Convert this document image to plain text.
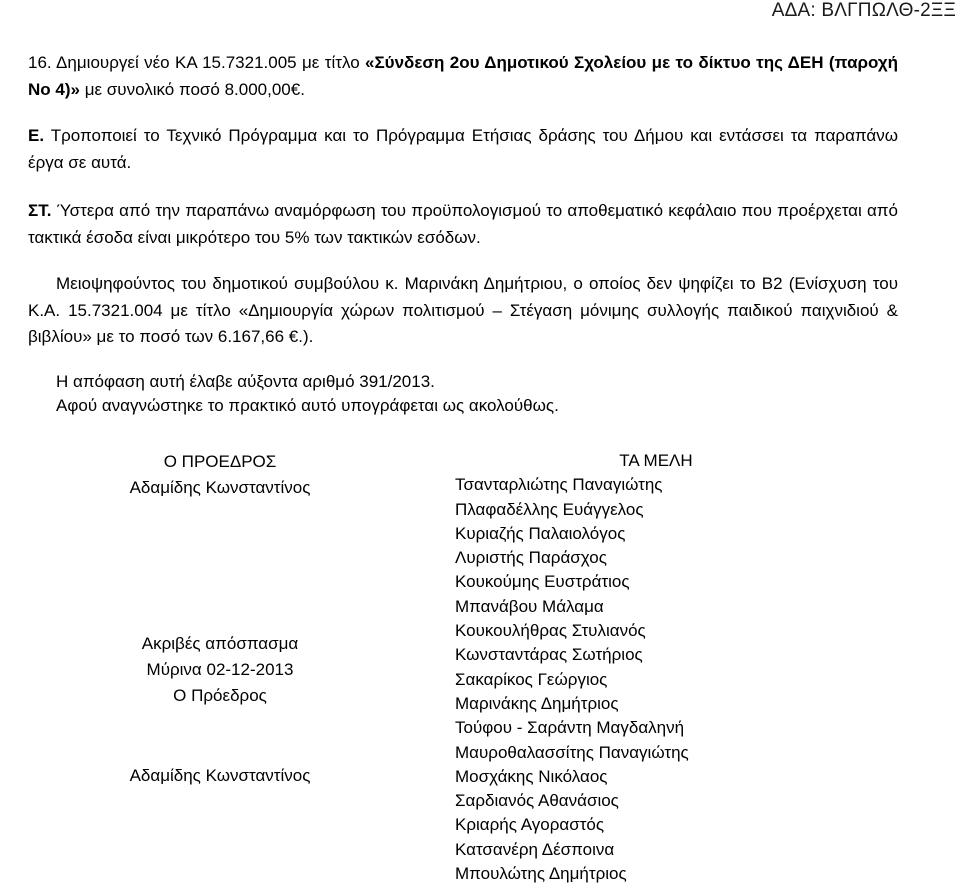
ΑΔΑ: ΒΛΓΠΩΛΘ-2ΞΞ

16. Δημιουργεί νέο ΚΑ 15.7321.005 με τίτλο «Σύνδεση 2ου Δημοτικού Σχολείου με το δίκτυο της ΔΕΗ (παροχή Νο 4)» με συνολικό ποσό 8.000,00€.

Ε. Τροποποιεί το Τεχνικό Πρόγραμμα και το Πρόγραμμα Ετήσιας δράσης του Δήμου και εντάσσει τα παραπάνω έργα σε αυτά.

ΣΤ. Ύστερα από την παραπάνω αναμόρφωση του προϋπολογισμού το αποθεματικό κεφάλαιο που προέρχεται από τακτικά έσοδα είναι μικρότερο του 5% των τακτικών εσόδων.

Μειοψηφούντος του δημοτικού συμβούλου κ. Μαρινάκη Δημήτριου, ο οποίος δεν ψηφίζει το Β2 (Ενίσχυση του Κ.Α. 15.7321.004 με τίτλο «Δημιουργία χώρων πολιτισμού – Στέγαση μόνιμης συλλογής παιδικού παιχνιδιού & βιβλίου» με το ποσό των 6.167,66 €.).

Η απόφαση αυτή έλαβε αύξοντα αριθμό 391/2013.
Αφού αναγνώστηκε το πρακτικό αυτό υπογράφεται ως ακολούθως.
Ο ΠΡΟΕΔΡΟΣ
Αδαμίδης Κωνσταντίνος
Ακριβές απόσπασμα
Μύρινα 02-12-2013
Ο Πρόεδρος
Αδαμίδης Κωνσταντίνος
ΤΑ ΜΕΛΗ
Τσανταρλιώτης Παναγιώτης
Πλαφαδέλλης Ευάγγελος
Κυριαζής Παλαιολόγος
Λυριστής Παράσχος
Κουκούμης Ευστράτιος
Μπανάβου Μάλαμα
Κουκουλήθρας Στυλιανός
Κωνσταντάρας Σωτήριος
Σακαρίκος Γεώργιος
Μαρινάκης Δημήτριος
Τούφου - Σαράντη Μαγδαληνή
Μαυροθαλασσίτης Παναγιώτης
Μοσχάκης Νικόλαος
Σαρδιανός Αθανάσιος
Κριαρής Αγοραστός
Κατσανέρη Δέσποινα
Μπουλώτης Δημήτριος
